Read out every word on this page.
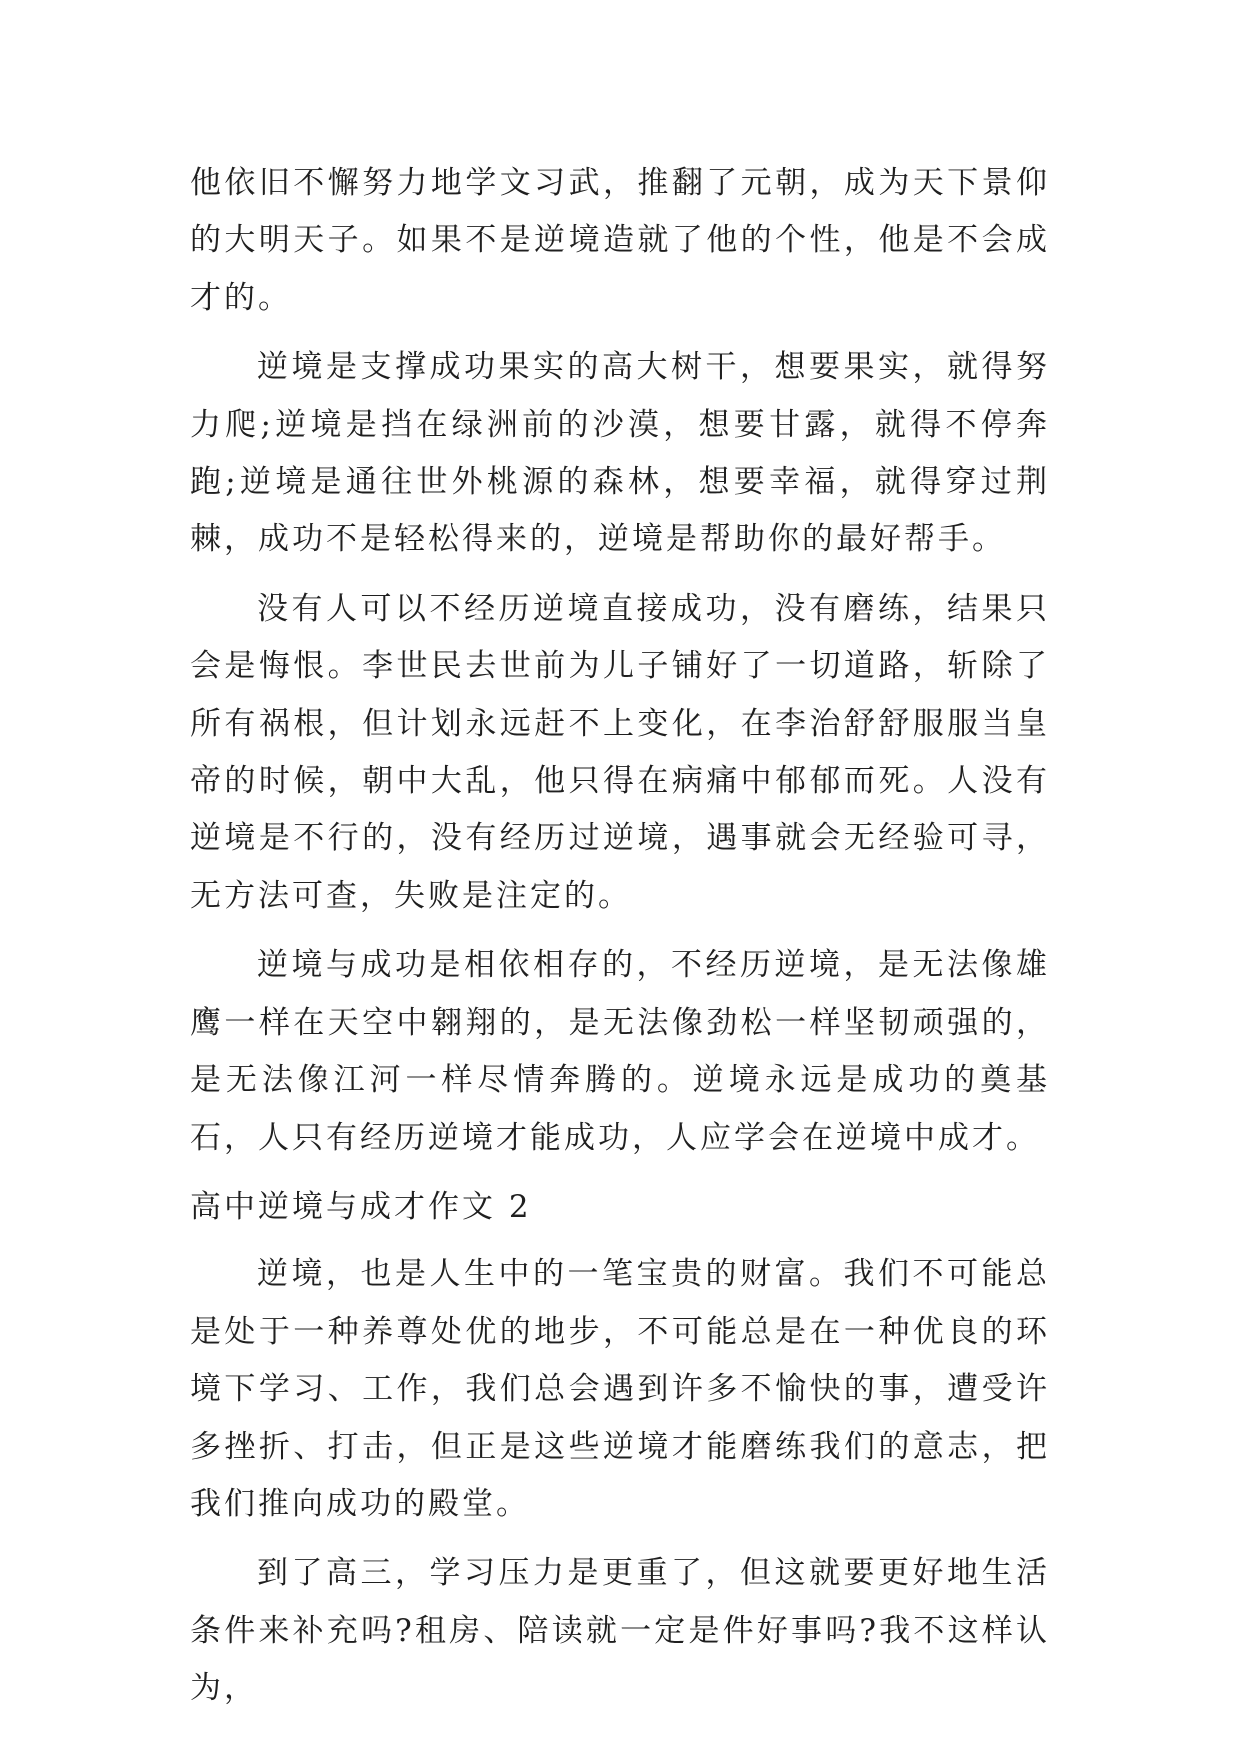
他依旧不懈努力地学文习武，推翻了元朝，成为天下景仰的大明天子。如果不是逆境造就了他的个性，他是不会成才的。

逆境是支撑成功果实的高大树干，想要果实，就得努力爬;逆境是挡在绿洲前的沙漠，想要甘露，就得不停奔跑;逆境是通往世外桃源的森林，想要幸福，就得穿过荆棘，成功不是轻松得来的，逆境是帮助你的最好帮手。

没有人可以不经历逆境直接成功，没有磨练，结果只会是悔恨。李世民去世前为儿子铺好了一切道路，斩除了所有祸根，但计划永远赶不上变化，在李治舒舒服服当皇帝的时候，朝中大乱，他只得在病痛中郁郁而死。人没有逆境是不行的，没有经历过逆境，遇事就会无经验可寻，无方法可查，失败是注定的。

逆境与成功是相依相存的，不经历逆境，是无法像雄鹰一样在天空中翱翔的，是无法像劲松一样坚韧顽强的，是无法像江河一样尽情奔腾的。逆境永远是成功的奠基石，人只有经历逆境才能成功，人应学会在逆境中成才。

高中逆境与成才作文 2

逆境，也是人生中的一笔宝贵的财富。我们不可能总是处于一种养尊处优的地步，不可能总是在一种优良的环境下学习、工作，我们总会遇到许多不愉快的事，遭受许多挫折、打击，但正是这些逆境才能磨练我们的意志，把我们推向成功的殿堂。

到了高三，学习压力是更重了，但这就要更好地生活条件来补充吗?租房、陪读就一定是件好事吗?我不这样认为，
